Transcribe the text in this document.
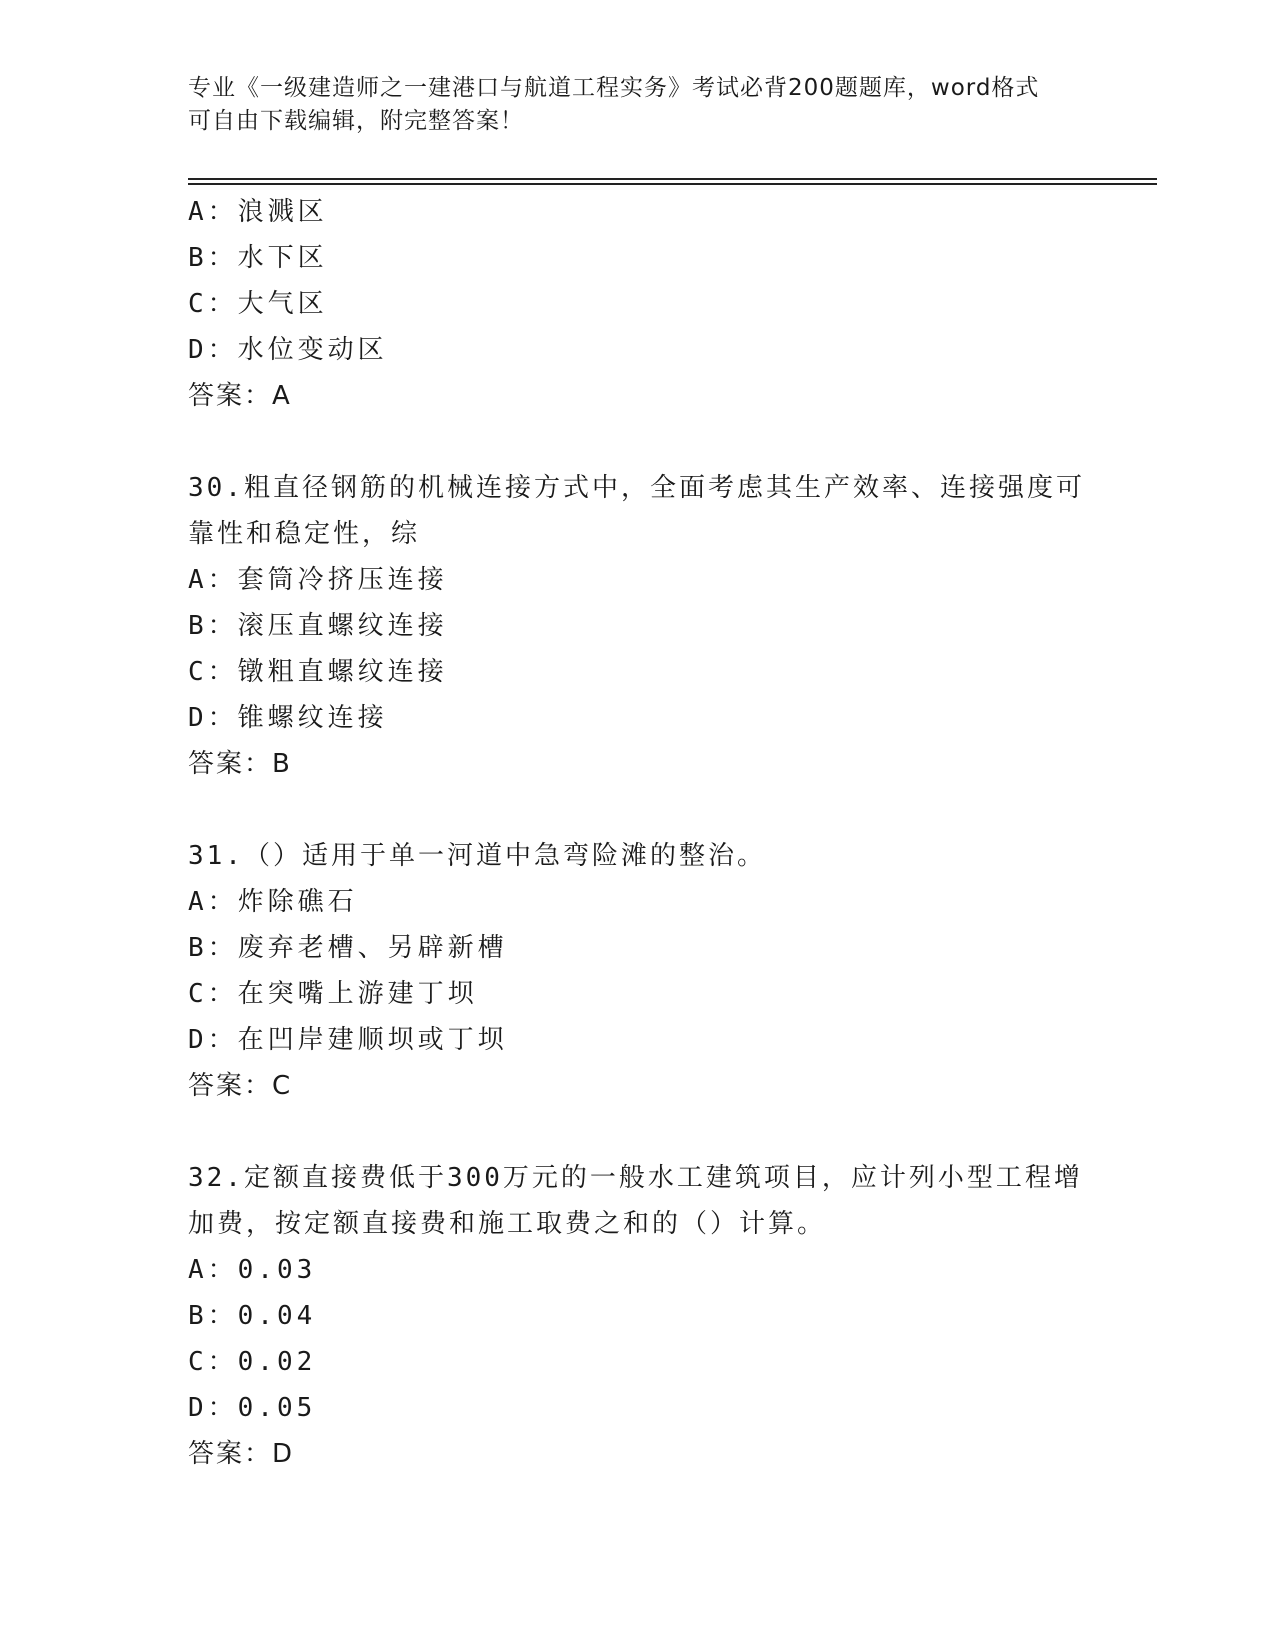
专业《一级建造师之一建港口与航道工程实务》考试必背200题题库，word格式
可自由下载编辑，附完整答案！
A：浪溅区
B：水下区
C：大气区
D：水位变动区
答案：A
30.粗直径钢筋的机械连接方式中，全面考虑其生产效率、连接强度可
靠性和稳定性，综
A：套筒冷挤压连接
B：滚压直螺纹连接
C：镦粗直螺纹连接
D：锥螺纹连接
答案：B
31.（）适用于单一河道中急弯险滩的整治。
A：炸除礁石
B：废弃老槽、另辟新槽
C：在突嘴上游建丁坝
D：在凹岸建顺坝或丁坝
答案：C
32.定额直接费低于300万元的一般水工建筑项目，应计列小型工程增
加费，按定额直接费和施工取费之和的（）计算。
A：0.03
B：0.04
C：0.02
D：0.05
答案：D
